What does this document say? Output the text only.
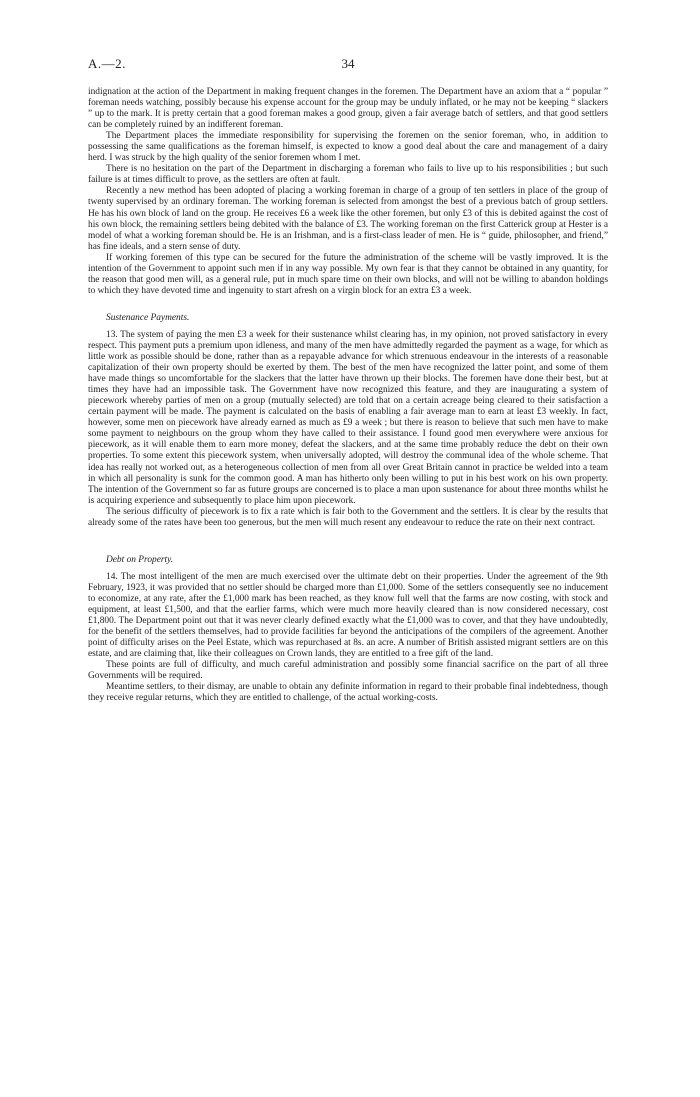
A.—2.	34

indignation at the action of the Department in making frequent changes in the foremen. The Department have an axiom that a “ popular ” foreman needs watching, possibly because his expense account for the group may be unduly inflated, or he may not be keeping “ slackers ” up to the mark. It is pretty certain that a good foreman makes a good group, given a fair average batch of settlers, and that good settlers can be completely ruined by an indifferent foreman.

The Department places the immediate responsibility for supervising the foremen on the senior foreman, who, in addition to possessing the same qualifications as the foreman himself, is expected to know a good deal about the care and management of a dairy herd. I was struck by the high quality of the senior foremen whom I met.

There is no hesitation on the part of the Department in discharging a foreman who fails to live up to his responsibilities ; but such failure is at times difficult to prove, as the settlers are often at fault.

Recently a new method has been adopted of placing a working foreman in charge of a group of ten settlers in place of the group of twenty supervised by an ordinary foreman. The working foreman is selected from amongst the best of a previous batch of group settlers. He has his own block of land on the group. He receives £6 a week like the other foremen, but only £3 of this is debited against the cost of his own block, the remaining settlers being debited with the balance of £3. The working foreman on the first Catterick group at Hester is a model of what a working foreman should be. He is an Irishman, and is a first-class leader of men. He is “ guide, philosopher, and friend,” has fine ideals, and a stern sense of duty.

If working foremen of this type can be secured for the future the administration of the scheme will be vastly improved. It is the intention of the Government to appoint such men if in any way possible. My own fear is that they cannot be obtained in any quantity, for the reason that good men will, as a general rule, put in much spare time on their own blocks, and will not be willing to abandon holdings to which they have devoted time and ingenuity to start afresh on a virgin block for an extra £3 a week.

Sustenance Payments.

13. The system of paying the men £3 a week for their sustenance whilst clearing has, in my opinion, not proved satisfactory in every respect. This payment puts a premium upon idleness, and many of the men have admittedly regarded the payment as a wage, for which as little work as possible should be done, rather than as a repayable advance for which strenuous endeavour in the interests of a reasonable capitalization of their own property should be exerted by them. The best of the men have recognized the latter point, and some of them have made things so uncomfortable for the slackers that the latter have thrown up their blocks. The foremen have done their best, but at times they have had an impossible task. The Government have now recognized this feature, and they are inaugurating a system of piecework whereby parties of men on a group (mutually selected) are told that on a certain acreage being cleared to their satisfaction a certain payment will be made. The payment is calculated on the basis of enabling a fair average man to earn at least £3 weekly. In fact, however, some men on piecework have already earned as much as £9 a week ; but there is reason to believe that such men have to make some payment to neighbours on the group whom they have called to their assistance. I found good men everywhere were anxious for piecework, as it will enable them to earn more money, defeat the slackers, and at the same time probably reduce the debt on their own properties. To some extent this piecework system, when universally adopted, will destroy the communal idea of the whole scheme. That idea has really not worked out, as a heterogeneous collection of men from all over Great Britain cannot in practice be welded into a team in which all personality is sunk for the common good. A man has hitherto only been willing to put in his best work on his own property. The intention of the Government so far as future groups are concerned is to place a man upon sustenance for about three months whilst he is acquiring experience and subsequently to place him upon piecework.

The serious difficulty of piecework is to fix a rate which is fair both to the Government and the settlers. It is clear by the results that already some of the rates have been too generous, but the men will much resent any endeavour to reduce the rate on their next contract.

Debt on Property.

14. The most intelligent of the men are much exercised over the ultimate debt on their properties. Under the agreement of the 9th February, 1923, it was provided that no settler should be charged more than £1,000. Some of the settlers consequently see no inducement to economize, at any rate, after the £1,000 mark has been reached, as they know full well that the farms are now costing, with stock and equipment, at least £1,500, and that the earlier farms, which were much more heavily cleared than is now considered necessary, cost £1,800. The Department point out that it was never clearly defined exactly what the £1,000 was to cover, and that they have undoubtedly, for the benefit of the settlers themselves, had to provide facilities far beyond the anticipations of the compilers of the agreement. Another point of difficulty arises on the Peel Estate, which was repurchased at 8s. an acre. A number of British assisted migrant settlers are on this estate, and are claiming that, like their colleagues on Crown lands, they are entitled to a free gift of the land.

These points are full of difficulty, and much careful administration and possibly some financial sacrifice on the part of all three Governments will be required.

Meantime settlers, to their dismay, are unable to obtain any definite information in regard to their probable final indebtedness, though they receive regular returns, which they are entitled to challenge, of the actual working-costs.
